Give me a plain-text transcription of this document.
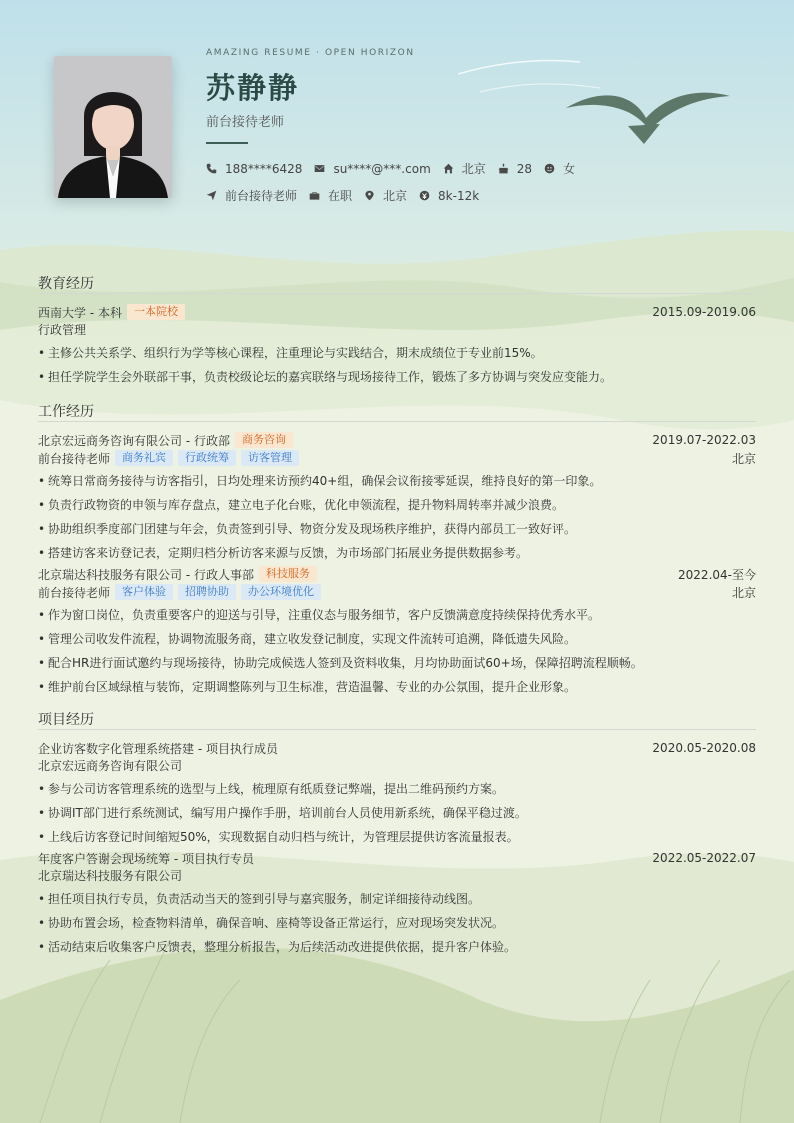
AMAZING RESUME · OPEN HORIZON
苏静静
前台接待老师
188****6428	su****@***.com	北京	28	女
前台接待老师	在职	北京	8k-12k
教育经历
西南大学 - 本科	一本院校	2015.09-2019.06
行政管理
• 主修公共关系学、组织行为学等核心课程，注重理论与实践结合，期末成绩位于专业前15%。
• 担任学院学生会外联部干事，负责校级论坛的嘉宾联络与现场接待工作，锻炼了多方协调与突发应变能力。
工作经历
北京宏远商务咨询有限公司 - 行政部	商务咨询	2019.07-2022.03
前台接待老师	商务礼宾	行政统筹	访客管理	北京
• 统筹日常商务接待与访客指引，日均处理来访预约40+组，确保会议衔接零延误，维持良好的第一印象。
• 负责行政物资的申领与库存盘点，建立电子化台账，优化申领流程，提升物料周转率并减少浪费。
• 协助组织季度部门团建与年会，负责签到引导、物资分发及现场秩序维护，获得内部员工一致好评。
• 搭建访客来访登记表，定期归档分析访客来源与反馈，为市场部门拓展业务提供数据参考。
北京瑞达科技服务有限公司 - 行政人事部	科技服务	2022.04-至今
前台接待老师	客户体验	招聘协助	办公环境优化	北京
• 作为窗口岗位，负责重要客户的迎送与引导，注重仪态与服务细节，客户反馈满意度持续保持优秀水平。
• 管理公司收发件流程，协调物流服务商，建立收发登记制度，实现文件流转可追溯，降低遗失风险。
• 配合HR进行面试邀约与现场接待，协助完成候选人签到及资料收集，月均协助面试60+场，保障招聘流程顺畅。
• 维护前台区域绿植与装饰，定期调整陈列与卫生标准，营造温馨、专业的办公氛围，提升企业形象。
项目经历
企业访客数字化管理系统搭建 - 项目执行成员	2020.05-2020.08
北京宏远商务咨询有限公司
• 参与公司访客管理系统的选型与上线，梳理原有纸质登记弊端，提出二维码预约方案。
• 协调IT部门进行系统测试，编写用户操作手册，培训前台人员使用新系统，确保平稳过渡。
• 上线后访客登记时间缩短50%，实现数据自动归档与统计，为管理层提供访客流量报表。
年度客户答谢会现场统筹 - 项目执行专员	2022.05-2022.07
北京瑞达科技服务有限公司
• 担任项目执行专员，负责活动当天的签到引导与嘉宾服务，制定详细接待动线图。
• 协助布置会场，检查物料清单，确保音响、座椅等设备正常运行，应对现场突发状况。
• 活动结束后收集客户反馈表，整理分析报告，为后续活动改进提供依据，提升客户体验。
